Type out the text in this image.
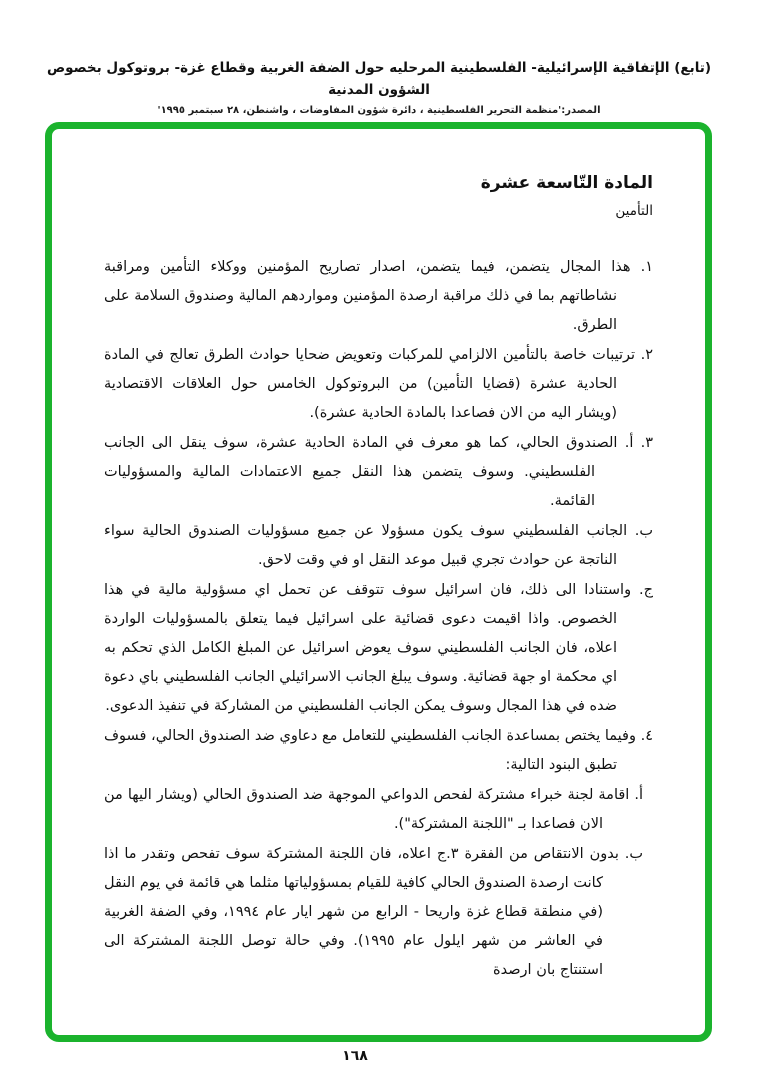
(تابع) الإتفاقية الإسرائيلية- الفلسطينية المرحليه حول الضفة الغربية وقطاع غزة- بروتوكول بخصوص الشؤون المدنية
المصدر:'منظمة التحرير الفلسطينية ، دائرة شؤون المفاوضات ، واشنطن، ٢٨ سبتمبر ١٩٩٥'
المادة التّاسعة عشرة
التأمين
١. هذا المجال يتضمن، فيما يتضمن، اصدار تصاريح المؤمنين ووكلاء التأمين ومراقبة نشاطاتهم بما في ذلك مراقبة ارصدة المؤمنين ومواردهم المالية وصندوق السلامة على الطرق.
٢. ترتيبات خاصة بالتأمين الالزامي للمركبات وتعويض ضحايا حوادث الطرق تعالج في المادة الحادية عشرة (قضايا التأمين) من البروتوكول الخامس حول العلاقات الاقتصادية (ويشار اليه من الان فصاعدا بالمادة الحادية عشرة).
٣. أ. الصندوق الحالي، كما هو معرف في المادة الحادية عشرة، سوف ينقل الى الجانب الفلسطيني. وسوف يتضمن هذا النقل جميع الاعتمادات المالية والمسؤوليات القائمة.
ب. الجانب الفلسطيني سوف يكون مسؤولا عن جميع مسؤوليات الصندوق الحالية سواء الناتجة عن حوادث تجري قبيل موعد النقل او في وقت لاحق.
ج. واستنادا الى ذلك، فان اسرائيل سوف تتوقف عن تحمل اي مسؤولية مالية في هذا الخصوص. واذا اقيمت دعوى قضائية على اسرائيل فيما يتعلق بالمسؤوليات الواردة اعلاه، فان الجانب الفلسطيني سوف يعوض اسرائيل عن المبلغ الكامل الذي تحكم به اي محكمة او جهة قضائية. وسوف يبلغ الجانب الاسرائيلي الجانب الفلسطيني باي دعوة ضده في هذا المجال وسوف يمكن الجانب الفلسطيني من المشاركة في تنفيذ الدعوى.
٤. وفيما يختص بمساعدة الجانب الفلسطيني للتعامل مع دعاوي ضد الصندوق الحالي، فسوف تطبق البنود التالية:
أ. اقامة لجنة خبراء مشتركة لفحص الدواعي الموجهة ضد الصندوق الحالي (ويشار اليها من الان فصاعدا بـ "اللجنة المشتركة").
ب. بدون الانتقاص من الفقرة ٣.ج اعلاه، فان اللجنة المشتركة سوف تفحص وتقدر ما اذا كانت ارصدة الصندوق الحالي كافية للقيام بمسؤولياتها مثلما هي قائمة في يوم النقل (في منطقة قطاع غزة واريحا - الرابع من شهر ايار عام ١٩٩٤، وفي الضفة الغربية في العاشر من شهر ايلول عام ١٩٩٥). وفي حالة توصل اللجنة المشتركة الى استنتاج بان ارصدة
١٦٨
